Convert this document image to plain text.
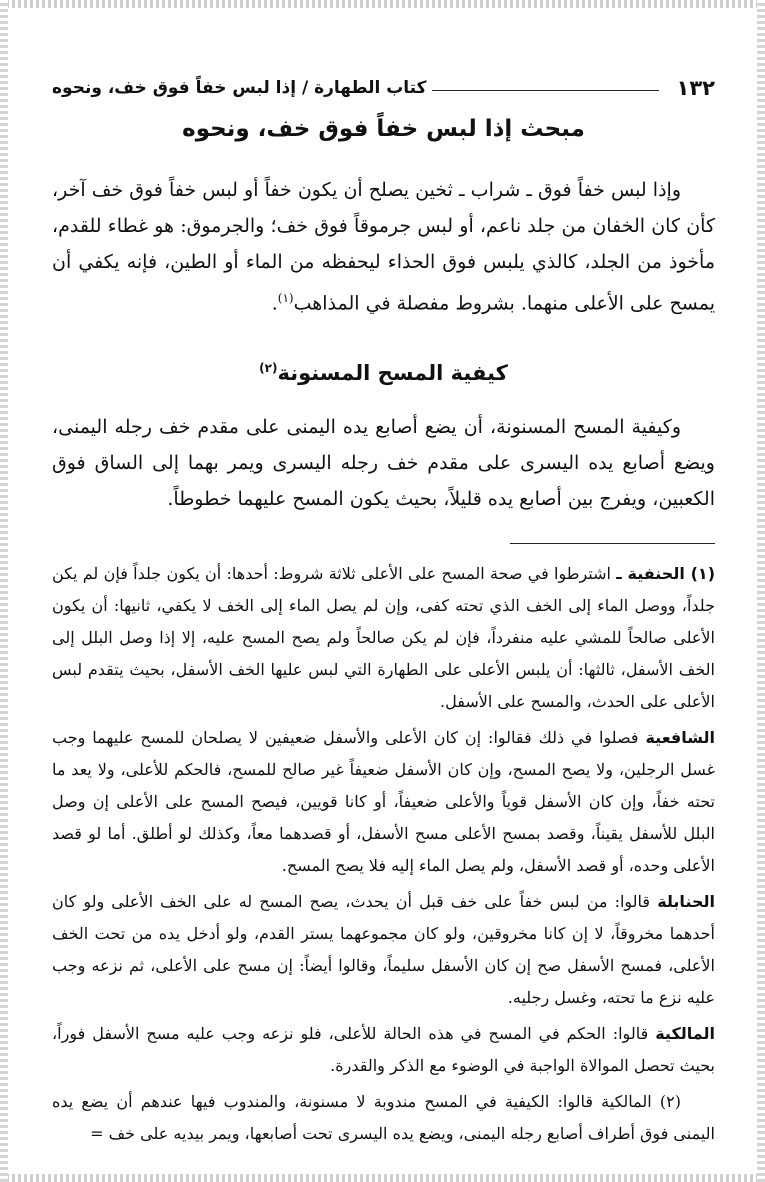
١٣٢
كتاب الطهارة / إذا لبس خفاً فوق خف، ونحوه
مبحث إذا لبس خفاً فوق خف، ونحوه

وإذا لبس خفاً فوق ـ شراب ـ ثخين يصلح أن يكون خفاً أو لبس خفاً فوق خف آخر، كأن كان الخفان من جلد ناعم، أو لبس جرموقاً فوق خف؛ والجرموق: هو غطاء للقدم، مأخوذ من الجلد، كالذي يلبس فوق الحذاء ليحفظه من الماء أو الطين، فإنه يكفي أن يمسح على الأعلى منهما. بشروط مفصلة في المذاهب$^{(١)}$.

كيفية المسح المسنونة$^{(٢)}$

وكيفية المسح المسنونة، أن يضع أصابع يده اليمنى على مقدم خف رجله اليمنى، ويضع أصابع يده اليسرى على مقدم خف رجله اليسرى ويمر بهما إلى الساق فوق الكعبين، ويفرج بين أصابع يده قليلاً، بحيث يكون المسح عليهما خطوطاً.

(١) الحنفية ـ اشترطوا في صحة المسح على الأعلى ثلاثة شروط: أحدها: أن يكون جلداً فإن لم يكن جلداً، ووصل الماء إلى الخف الذي تحته كفى، وإن لم يصل الماء إلى الخف لا يكفي، ثانيها: أن يكون الأعلى صالحاً للمشي عليه منفرداً، فإن لم يكن صالحاً ولم يصح المسح عليه، إلا إذا وصل البلل إلى الخف الأسفل، ثالثها: أن يلبس الأعلى على الطهارة التي لبس عليها الخف الأسفل، بحيث يتقدم لبس الأعلى على الحدث، والمسح على الأسفل.

الشافعية فصلوا في ذلك فقالوا: إن كان الأعلى والأسفل ضعيفين لا يصلحان للمسح عليهما وجب غسل الرجلين، ولا يصح المسح، وإن كان الأسفل ضعيفاً غير صالح للمسح، فالحكم للأعلى، ولا يعد ما تحته خفاً، وإن كان الأسفل قوياً والأعلى ضعيفاً، أو كانا قويين، فيصح المسح على الأعلى إن وصل البلل للأسفل يقيناً، وقصد بمسح الأعلى مسح الأسفل، أو قصدهما معاً، وكذلك لو أطلق. أما لو قصد الأعلى وحده، أو قصد الأسفل، ولم يصل الماء إليه فلا يصح المسح.

الحنابلة قالوا: من لبس خفاً على خف قبل أن يحدث، يصح المسح له على الخف الأعلى ولو كان أحدهما مخروقاً، لا إن كانا مخروقين، ولو كان مجموعهما يستر القدم، ولو أدخل يده من تحت الخف الأعلى، فمسح الأسفل صح إن كان الأسفل سليماً، وقالوا أيضاً: إن مسح على الأعلى، ثم نزعه وجب عليه نزع ما تحته، وغسل رجليه.

المالكية قالوا: الحكم في المسح في هذه الحالة للأعلى، فلو نزعه وجب عليه مسح الأسفل فوراً، بحيث تحصل الموالاة الواجبة في الوضوء مع الذكر والقدرة.

(٢) المالكية قالوا: الكيفية في المسح مندوبة لا مسنونة، والمندوب فيها عندهم أن يضع يده اليمنى فوق أطراف أصابع رجله اليمنى، ويضع يده اليسرى تحت أصابعها، ويمر بيديه على خف =
